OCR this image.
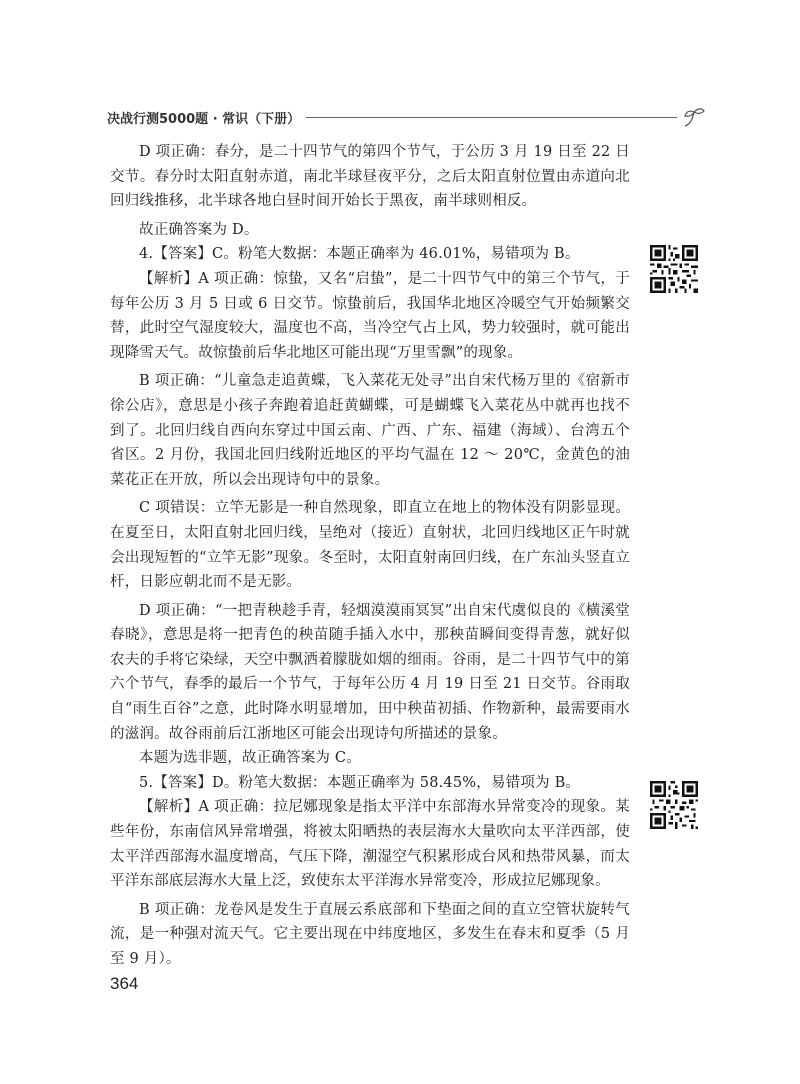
决战行测5000题 · 常识（下册）

D 项正确：春分，是二十四节气的第四个节气，于公历 3 月 19 日至 22 日交节。春分时太阳直射赤道，南北半球昼夜平分，之后太阳直射位置由赤道向北回归线推移，北半球各地白昼时间开始长于黑夜，南半球则相反。

故正确答案为 D。

4.【答案】C。粉笔大数据：本题正确率为 46.01%，易错项为 B。

【解析】A 项正确：惊蛰，又名“启蛰”，是二十四节气中的第三个节气，于每年公历 3 月 5 日或 6 日交节。惊蛰前后，我国华北地区冷暖空气开始频繁交替，此时空气湿度较大，温度也不高，当冷空气占上风，势力较强时，就可能出现降雪天气。故惊蛰前后华北地区可能出现“万里雪飘”的现象。

B 项正确：“儿童急走追黄蝶，飞入菜花无处寻”出自宋代杨万里的《宿新市徐公店》，意思是小孩子奔跑着追赶黄蝴蝶，可是蝴蝶飞入菜花丛中就再也找不到了。北回归线自西向东穿过中国云南、广西、广东、福建（海域）、台湾五个省区。2 月份，我国北回归线附近地区的平均气温在 12 ～ 20℃，金黄色的油菜花正在开放，所以会出现诗句中的景象。

C 项错误：立竿无影是一种自然现象，即直立在地上的物体没有阴影显现。在夏至日，太阳直射北回归线，呈绝对（接近）直射状，北回归线地区正午时就会出现短暂的“立竿无影”现象。冬至时，太阳直射南回归线，在广东汕头竖直立杆，日影应朝北而不是无影。

D 项正确：“一把青秧趁手青，轻烟漠漠雨冥冥”出自宋代虞似良的《横溪堂春晓》，意思是将一把青色的秧苗随手插入水中，那秧苗瞬间变得青葱，就好似农夫的手将它染绿，天空中飘洒着朦胧如烟的细雨。谷雨，是二十四节气中的第六个节气，春季的最后一个节气，于每年公历 4 月 19 日至 21 日交节。谷雨取自“雨生百谷”之意，此时降水明显增加，田中秧苗初插、作物新种，最需要雨水的滋润。故谷雨前后江浙地区可能会出现诗句所描述的景象。

本题为选非题，故正确答案为 C。

5.【答案】D。粉笔大数据：本题正确率为 58.45%，易错项为 B。

【解析】A 项正确：拉尼娜现象是指太平洋中东部海水异常变冷的现象。某些年份，东南信风异常增强，将被太阳晒热的表层海水大量吹向太平洋西部，使太平洋西部海水温度增高，气压下降，潮湿空气积累形成台风和热带风暴，而太平洋东部底层海水大量上泛，致使东太平洋海水异常变冷，形成拉尼娜现象。

B 项正确：龙卷风是发生于直展云系底部和下垫面之间的直立空管状旋转气流，是一种强对流天气。它主要出现在中纬度地区，多发生在春末和夏季（5 月至 9 月）。

364
